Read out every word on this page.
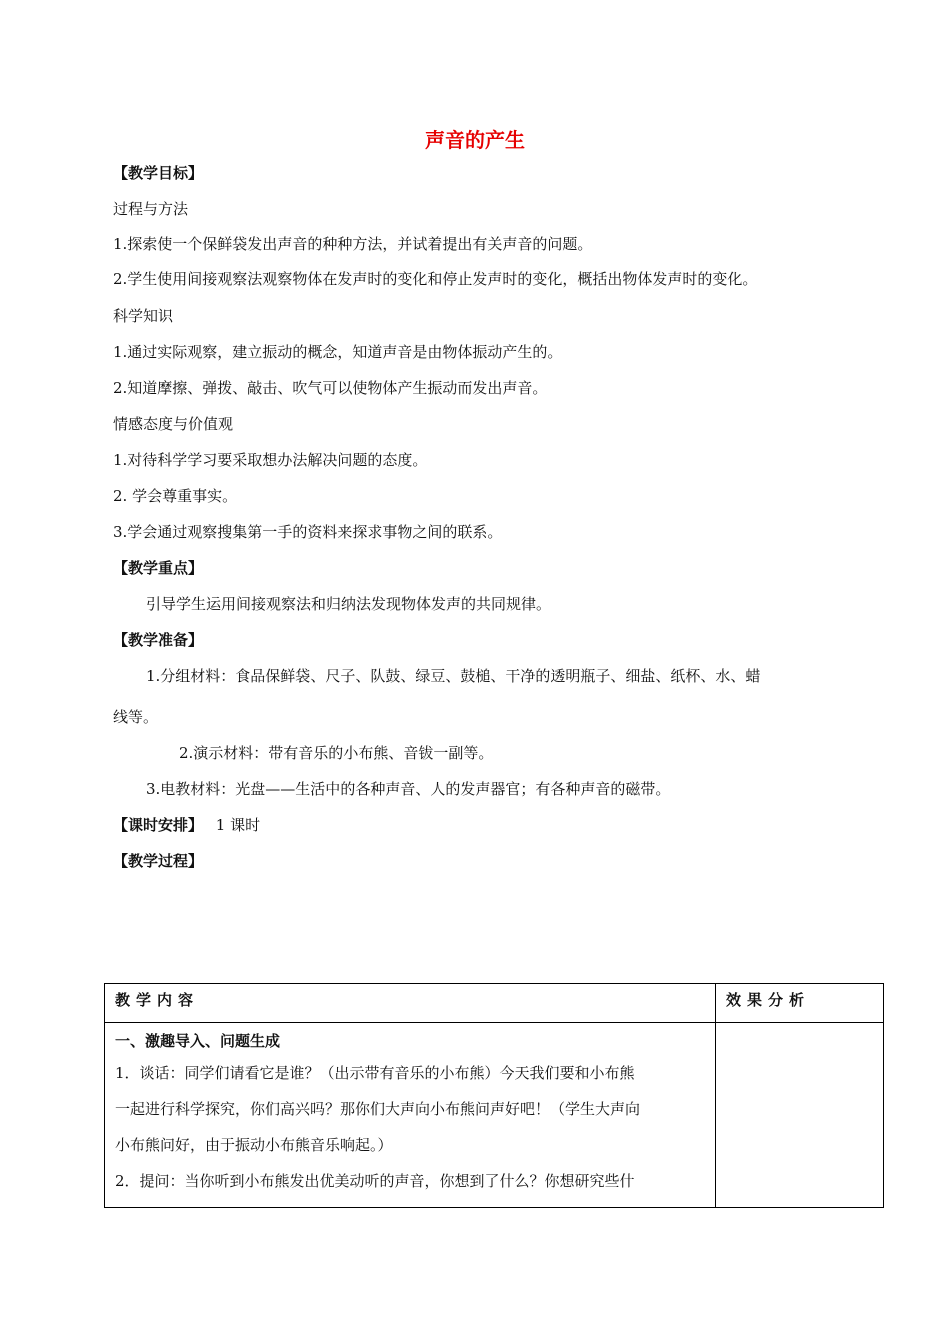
声音的产生
【教学目标】
过程与方法
1.探索使一个保鲜袋发出声音的种种方法，并试着提出有关声音的问题。
2.学生使用间接观察法观察物体在发声时的变化和停止发声时的变化，概括出物体发声时的变化。
科学知识
1.通过实际观察，建立振动的概念，知道声音是由物体振动产生的。
2.知道摩擦、弹拨、敲击、吹气可以使物体产生振动而发出声音。
情感态度与价值观
1.对待科学学习要采取想办法解决问题的态度。
2. 学会尊重事实。
3.学会通过观察搜集第一手的资料来探求事物之间的联系。
【教学重点】
引导学生运用间接观察法和归纳法发现物体发声的共同规律。
【教学准备】
1.分组材料：食品保鲜袋、尺子、队鼓、绿豆、鼓槌、干净的透明瓶子、细盐、纸杯、水、蜡
线等。
2.演示材料：带有音乐的小布熊、音钹一副等。
3.电教材料：光盘——生活中的各种声音、人的发声器官；有各种声音的磁带。
【课时安排】 1 课时
【教学过程】
教学内容	效果分析

一、激趣导入、问题生成

1．谈话：同学们请看它是谁？（出示带有音乐的小布熊）今天我们要和小布熊

一起进行科学探究，你们高兴吗？那你们大声向小布熊问声好吧！（学生大声向

小布熊问好，由于振动小布熊音乐响起。）

2．提问：当你听到小布熊发出优美动听的声音，你想到了什么？你想研究些什	
